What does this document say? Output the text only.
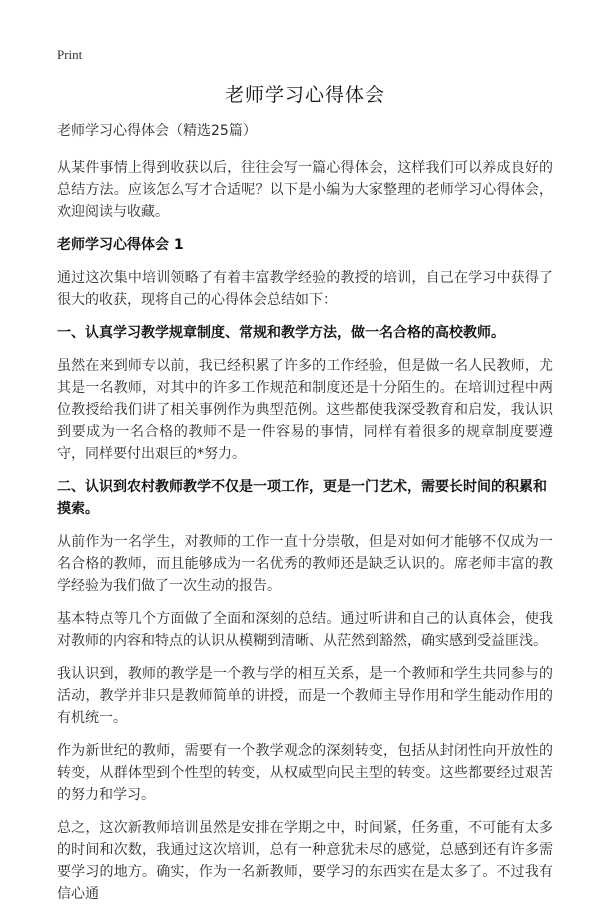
Print
老师学习心得体会

老师学习心得体会（精选25篇）

从某件事情上得到收获以后，往往会写一篇心得体会，这样我们可以养成良好的总结方法。应该怎么写才合适呢？以下是小编为大家整理的老师学习心得体会，欢迎阅读与收藏。

老师学习心得体会 1

通过这次集中培训领略了有着丰富教学经验的教授的培训，自己在学习中获得了很大的收获，现将自己的心得体会总结如下：

一、认真学习教学规章制度、常规和教学方法，做一名合格的高校教师。

虽然在来到师专以前，我已经积累了许多的工作经验，但是做一名人民教师，尤其是一名教师，对其中的许多工作规范和制度还是十分陌生的。在培训过程中两位教授给我们讲了相关事例作为典型范例。这些都使我深受教育和启发，我认识到要成为一名合格的教师不是一件容易的事情，同样有着很多的规章制度要遵守，同样要付出艰巨的*努力。

二、认识到农村教师教学不仅是一项工作，更是一门艺术，需要长时间的积累和摸索。

从前作为一名学生，对教师的工作一直十分崇敬，但是对如何才能够不仅成为一名合格的教师，而且能够成为一名优秀的教师还是缺乏认识的。席老师丰富的教学经验为我们做了一次生动的报告。

基本特点等几个方面做了全面和深刻的总结。通过听讲和自己的认真体会，使我对教师的内容和特点的认识从模糊到清晰、从茫然到豁然，确实感到受益匪浅。

我认识到，教师的教学是一个教与学的相互关系，是一个教师和学生共同参与的活动，教学并非只是教师简单的讲授，而是一个教师主导作用和学生能动作用的有机统一。

作为新世纪的教师，需要有一个教学观念的深刻转变，包括从封闭性向开放性的转变，从群体型到个性型的转变，从权威型向民主型的转变。这些都要经过艰苦的努力和学习。

总之，这次新教师培训虽然是安排在学期之中，时间紧，任务重，不可能有太多的时间和次数，我通过这次培训，总有一种意犹未尽的感觉，总感到还有许多需要学习的地方。确实，作为一名新教师，要学习的东西实在是太多了。不过我有信心通
